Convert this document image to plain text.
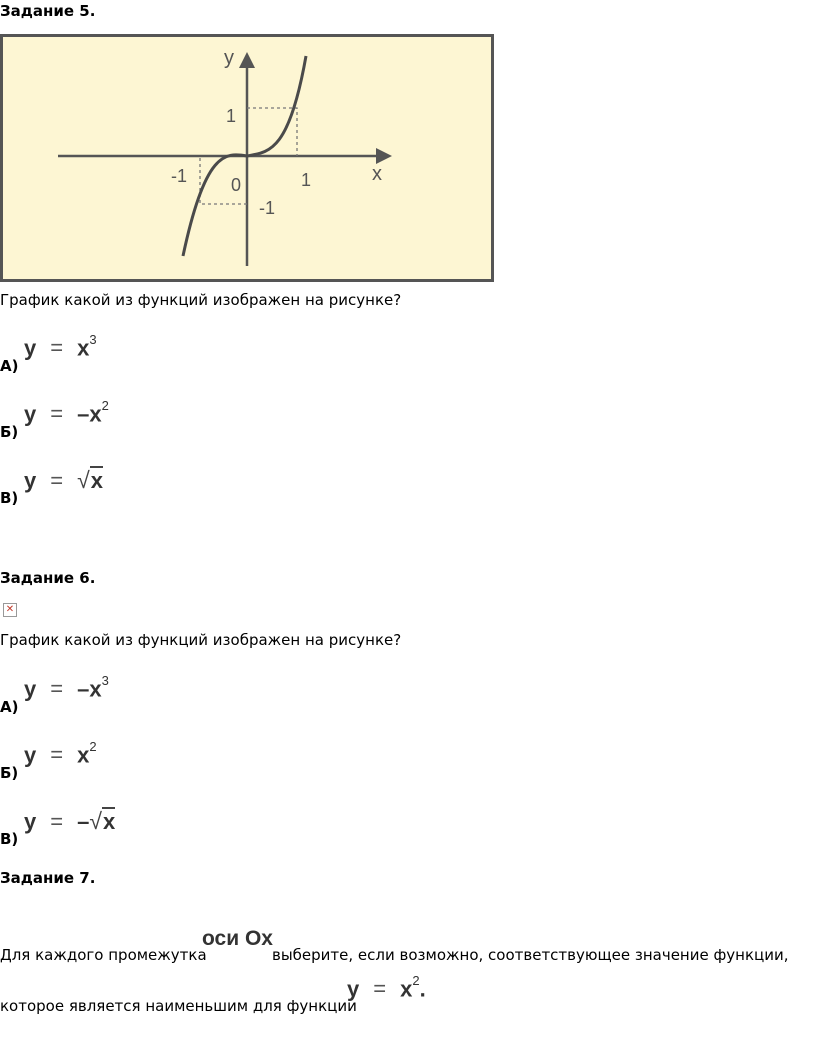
Задание 5.
y
x
1
1
0
-1
-1
График какой из функций изображен на рисунке?
А)
$y = x^3$
Б)
$y = -x^2$
В)
y = √x
Задание 6.
✕
График какой из функций изображен на рисунке?
А)
$y = -x^3$
Б)
$y = x^2$
В)
y = –√x
Задание 7.
оси Ox
Для каждого промежутка	выберите, если возможно, соответствующее значение функции,
которое является наименьшим для функции
$y = x^2$.
